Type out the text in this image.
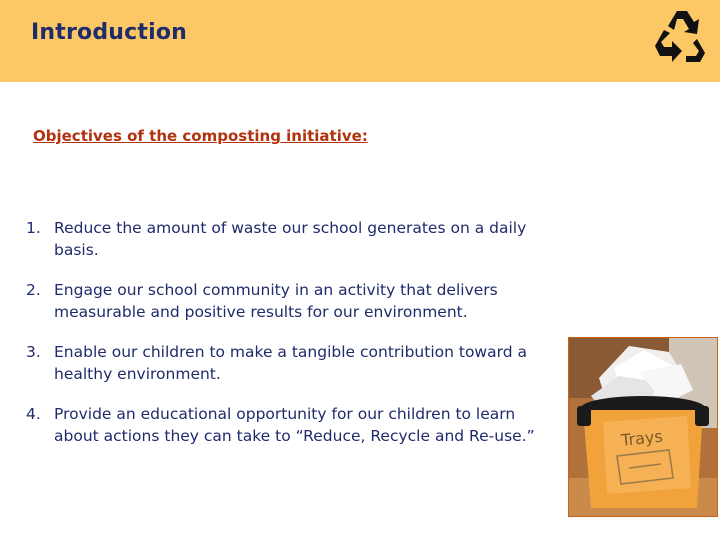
Introduction
Objectives of the composting initiative:
1. Reduce the amount of waste our school generates on a daily basis.
2. Engage our school community in an activity that delivers measurable and positive results for our environment.
3. Enable our children to make a tangible contribution toward a healthy environment.
4. Provide an educational opportunity for our children to learn about actions they can take to “Reduce, Recycle and Re-use.”	Trays
